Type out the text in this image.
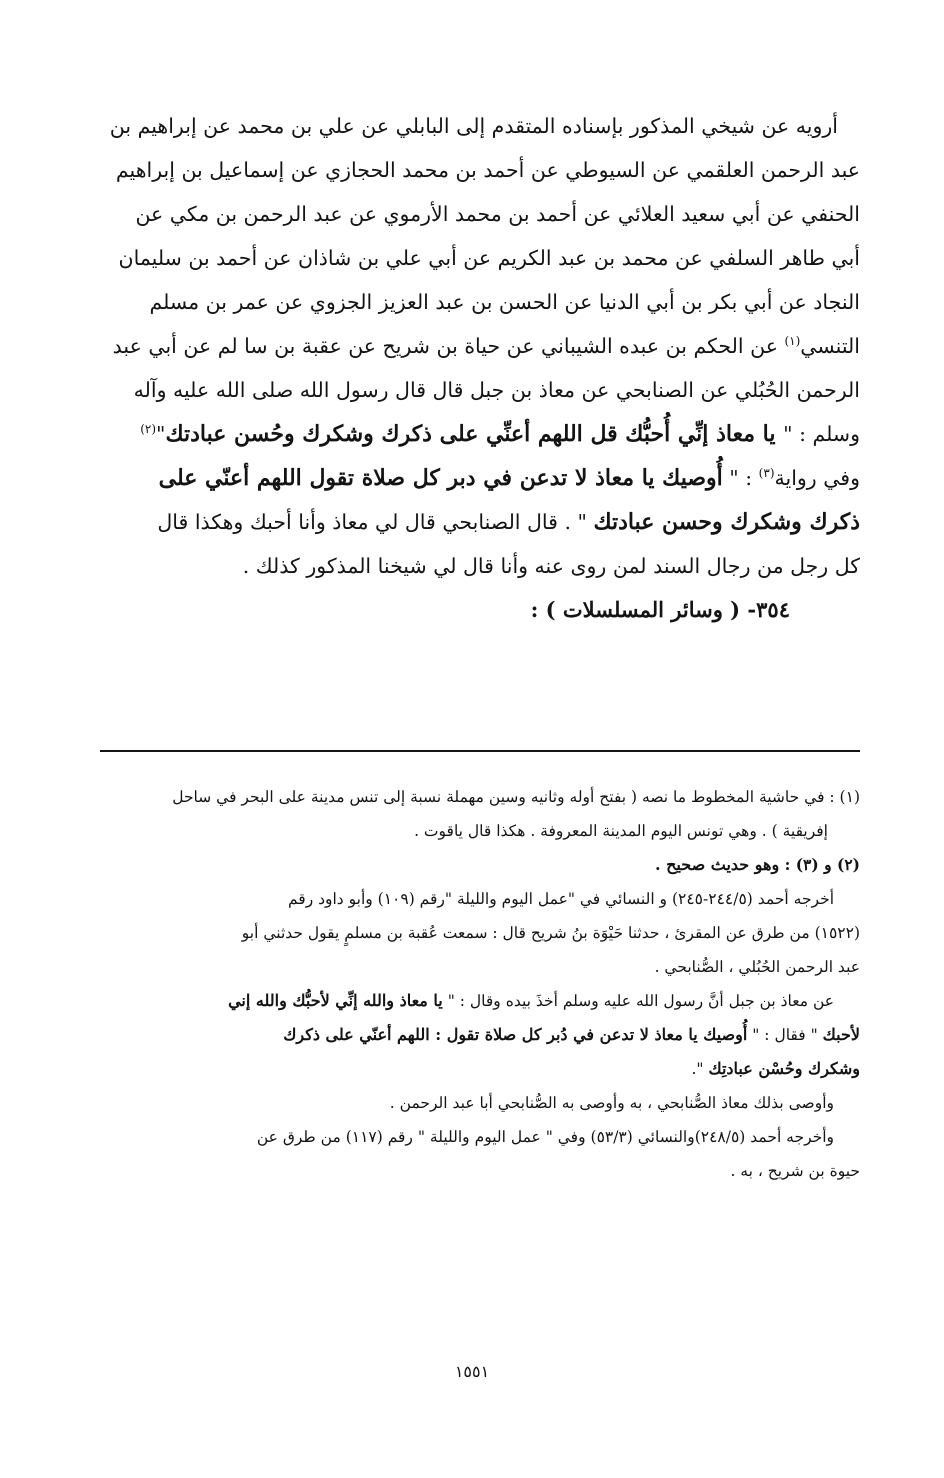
أرويه عن شيخي المذكور بإسناده المتقدم إلى البابلي عن علي بن محمد عن إبراهيم بن
عبد الرحمن العلقمي عن السيوطي عن أحمد بن محمد الحجازي عن إسماعيل بن إبراهيم
الحنفي عن أبي سعيد العلائي عن أحمد بن محمد الأرموي عن عبد الرحمن بن مكي عن
أبي طاهر السلفي عن محمد بن عبد الكريم عن أبي علي بن شاذان عن أحمد بن سليمان
النجاد عن أبي بكر بن أبي الدنيا عن الحسن بن عبد العزيز الجزوي عن عمر بن مسلم
التنسي$^{(١)}$ عن الحكم بن عبده الشيباني عن حياة بن شريح عن عقبة بن سا لم عن أبي عبد
الرحمن الحُبُلي عن الصنابحي عن معاذ بن جبل قال قال رسول الله صلى الله عليه وآله
وسلم : " يا معاذ إنِّي أُحبُّك قل اللهم أعنِّي على ذكرك وشكرك وحُسن عبادتك"$^{(٢)}$
وفي رواية$^{(٣)}$ : " أُوصيك يا معاذ لا تدعن في دبر كل صلاة تقول اللهم أعنّي على
ذكرك وشكرك وحسن عبادتك " . قال الصنابحي قال لي معاذ وأنا أحبك وهكذا قال
كل رجل من رجال السند لمن روى عنه وأنا قال لي شيخنا المذكور كذلك .
٣٥٤- ( وسائر المسلسلات ) :
(١) : في حاشية المخطوط ما نصه ( بفتح أوله وثانيه وسين مهملة نسبة إلى تنس مدينة على البحر في ساحل
إفريقية ) . وهي تونس اليوم المدينة المعروفة . هكذا قال ياقوت .
(٢) و (٣) : وهو حديث صحيح .
أخرجه أحمد (٢٤٤/٥-٢٤٥) و النسائي في "عمل اليوم والليلة "رقم (١٠٩) وأبو داود رقم
(١٥٢٢) من طرق عن المقرئ ، حدثنا حَيْوَة بنُ شريح قال : سمعت عُقبة بن مسلمٍ يقول حدثني أبو
عبد الرحمن الحُبُلي ، الصُّنابحي .
عن معاذ بن جبل أنَّ رسول الله عليه وسلم أخذَ بيده وقال : " يا معاذ والله إنِّي لأحبُّك والله إني
لأحبك " فقال : " أُوصيك يا معاذ لا تدعن في دُبر كل صلاة تقول : اللهم أعنّي على ذكرك
وشكرك وحُسْن عبادتِك ".
وأوصى بذلك معاذ الصُّنابحي ، به وأوصى به الصُّنابحي أبا عبد الرحمن .
وأخرجه أحمد (٢٤٨/٥)والنسائي (٥٣/٣) وفي " عمل اليوم والليلة " رقم (١١٧) من طرق عن
حيوة بن شريح ، به .
١٥٥١
